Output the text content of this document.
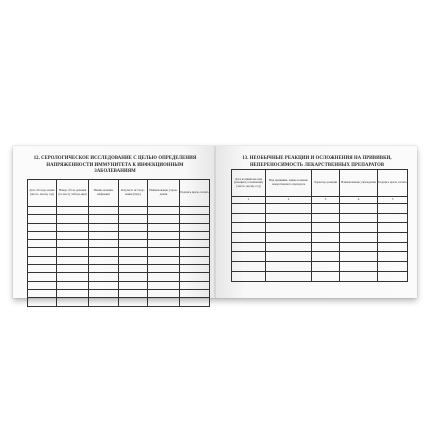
12. СЕРОЛОГИЧЕСКОЕ ИССЛЕДОВАНИЕ С ЦЕЛЬЮ ОПРЕДЕЛЕНИЯ
НАПРЯЖЕННОСТИ ИММУНИТЕТА К ИНФЕКЦИОННЫМ
ЗАБОЛЕВАНИЯМ
Дата обследо-вания (число, месяц, год)	Номер обсле-дования (по месту лабора-ции)	Наиме-нование инфекции	Результат исследо-вания (титр)	Наименование учреж-дения	Подпись врача, печать

13. НЕОБЫЧНЫЕ РЕАКЦИИ И ОСЛОЖНЕНИЯ НА ПРИВИВКИ,
НЕПЕРЕНОСИМОСТЬ ЛЕКАРСТВЕННЫХ ПРЕПАРАТОВ
Дата возникнове-ния реакции (осложнения) (число, месяц, год)	Вид прививки, наиме-нование лекарственного препарата	Характер реакции	Наименование учреждения	Подпись врача, печать
1	2	3	4	5
